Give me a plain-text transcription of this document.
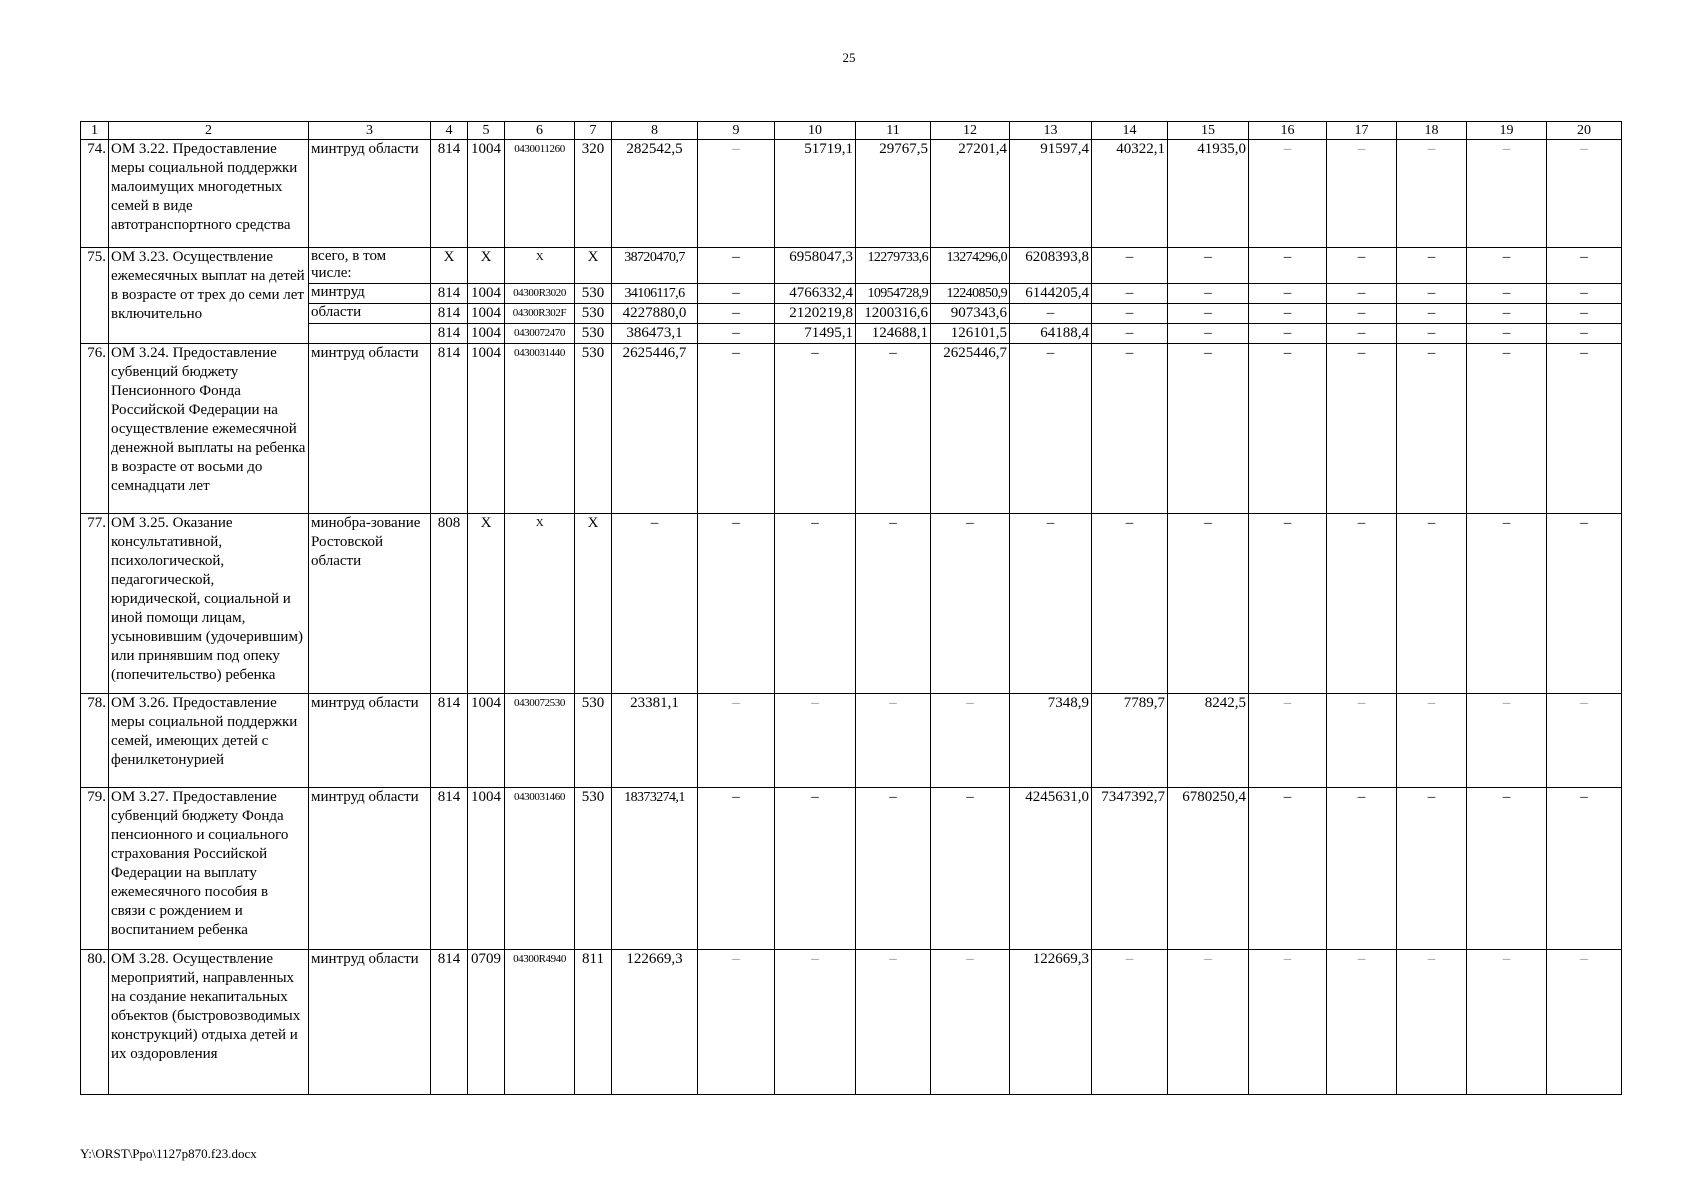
25
1	2	3	4	5	6	7	8	9	10	11	12	13	14	15	16	17	18	19	20
74.	ОМ 3.22. Предоставление меры социальной поддержки малоимущих многодетных семей в виде автотранспортного средства	минтруд области	814	1004	0430011260	320	282542,5	–	51719,1	29767,5	27201,4	91597,4	40322,1	41935,0	–	–	–	–	–
75.	ОМ 3.23. Осуществление ежемесячных выплат на детей в возрасте от трех до семи лет включительно	всего, в том числе:	X	X	X	X	38720470,7	–	6958047,3	12279733,6	13274296,0	6208393,8	–	–	–	–	–	–	–
		минтруд	814	1004	04300R3020	530	34106117,6	–	4766332,4	10954728,9	12240850,9	6144205,4	–	–	–	–	–	–	–
		области	814	1004	04300R302F	530	4227880,0	–	2120219,8	1200316,6	907343,6	–	–	–	–	–	–	–	–
			814	1004	0430072470	530	386473,1	–	71495,1	124688,1	126101,5	64188,4	–	–	–	–	–	–	–
76.	ОМ 3.24. Предоставление субвенций бюджету Пенсионного Фонда Российской Федерации на осуществление ежемесячной денежной выплаты на ребенка в возрасте от восьми до семнадцати лет	минтруд области	814	1004	0430031440	530	2625446,7	–	–	–	2625446,7	–	–	–	–	–	–	–	–
77.	ОМ 3.25. Оказание консультативной, психологической, педагогической, юридической, социальной и иной помощи лицам, усыновившим (удочерившим) или принявшим под опеку (попечительство) ребенка	минобра-зование Ростовской области	808	X	X	X	–	–	–	–	–	–	–	–	–	–	–	–	–
78.	ОМ 3.26. Предоставление меры социальной поддержки семей, имеющих детей с фенилкетонурией	минтруд области	814	1004	0430072530	530	23381,1	–	–	–	–	7348,9	7789,7	8242,5	–	–	–	–	–
79.	ОМ 3.27. Предоставление субвенций бюджету Фонда пенсионного и социального страхования Российской Федерации на выплату ежемесячного пособия в связи с рождением и воспитанием ребенка	минтруд области	814	1004	0430031460	530	18373274,1	–	–	–	–	4245631,0	7347392,7	6780250,4	–	–	–	–	–
80.	ОМ 3.28. Осуществление мероприятий, направленных на создание некапитальных объектов (быстровозводимых конструкций) отдыха детей и их оздоровления	минтруд области	814	0709	04300R4940	811	122669,3	–	–	–	–	122669,3	–	–	–	–	–	–	–
Y:\ORST\Ppo\1127p870.f23.docx
